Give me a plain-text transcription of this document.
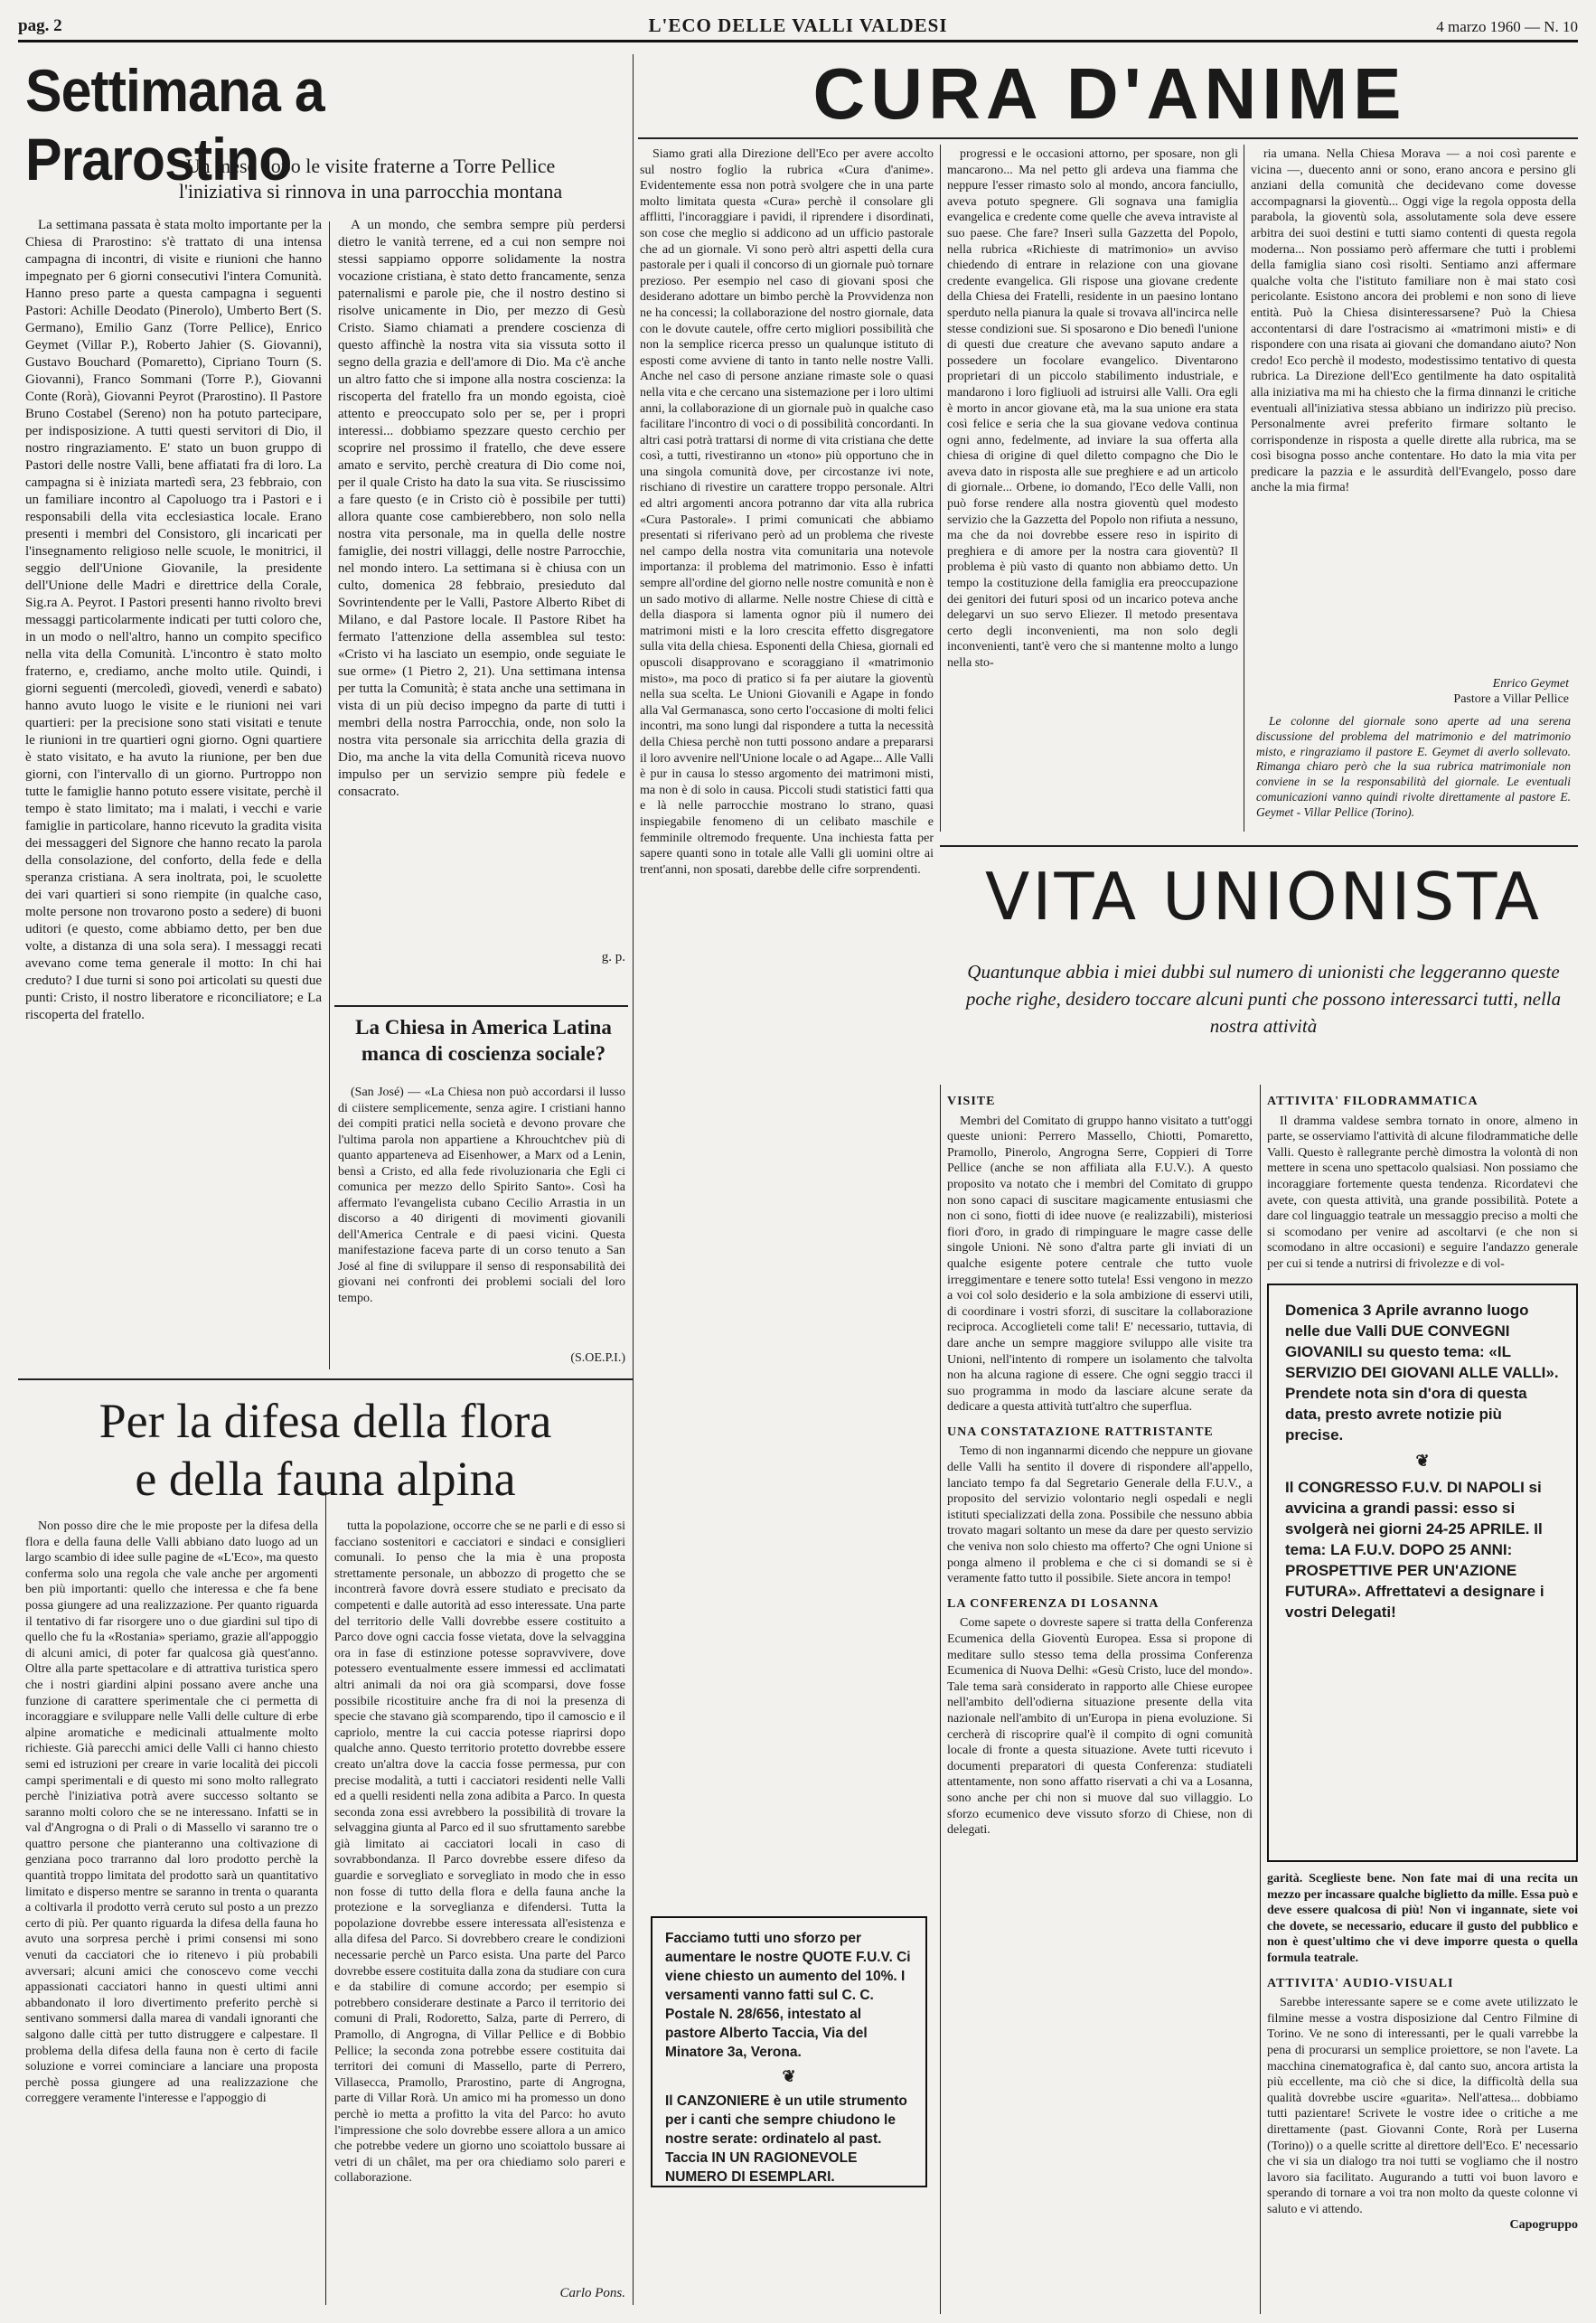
pag. 2	L'ECO DELLE VALLI VALDESI	4 marzo 1960 — N. 10
Settimana a Prarostino
Un mese dopo le visite fraterne a Torre Pellice
l'iniziativa si rinnova in una parrocchia montana

La settimana passata è stata molto importante per la Chiesa di Prarostino: s'è trattato di una intensa campagna di incontri, di visite e riunioni che hanno impegnato per 6 giorni consecutivi l'intera Comunità. Hanno preso parte a questa campagna i seguenti Pastori: Achille Deodato (Pinerolo), Umberto Bert (S. Germano), Emilio Ganz (Torre Pellice), Enrico Geymet (Villar P.), Roberto Jahier (S. Giovanni), Gustavo Bouchard (Pomaretto), Cipriano Tourn (S. Giovanni), Franco Sommani (Torre P.), Giovanni Conte (Rorà), Giovanni Peyrot (Prarostino). Il Pastore Bruno Costabel (Sereno) non ha potuto partecipare, per indisposizione. A tutti questi servitori di Dio, il nostro ringraziamento. E' stato un buon gruppo di Pastori delle nostre Valli, bene affiatati fra di loro. La campagna si è iniziata martedì sera, 23 febbraio, con un familiare incontro al Capoluogo tra i Pastori e i responsabili della vita ecclesiastica locale. Erano presenti i membri del Consistoro, gli incaricati per l'insegnamento religioso nelle scuole, le monitrici, il seggio dell'Unione Giovanile, la presidente dell'Unione delle Madri e direttrice della Corale, Sig.ra A. Peyrot. I Pastori presenti hanno rivolto brevi messaggi particolarmente indicati per tutti coloro che, in un modo o nell'altro, hanno un compito specifico nella vita della Comunità. L'incontro è stato molto fraterno, e, crediamo, anche molto utile. Quindi, i giorni seguenti (mercoledì, giovedì, venerdì e sabato) hanno avuto luogo le visite e le riunioni nei vari quartieri: per la precisione sono stati visitati e tenute le riunioni in tre quartieri ogni giorno. Ogni quartiere è stato visitato, e ha avuto la riunione, per ben due giorni, con l'intervallo di un giorno. Purtroppo non tutte le famiglie hanno potuto essere visitate, perchè il tempo è stato limitato; ma i malati, i vecchi e varie famiglie in particolare, hanno ricevuto la gradita visita dei messaggeri del Signore che hanno recato la parola della consolazione, del conforto, della fede e della speranza cristiana. A sera inoltrata, poi, le scuolette dei vari quartieri si sono riempite (in qualche caso, molte persone non trovarono posto a sedere) di buoni uditori (e questo, come abbiamo detto, per ben due volte, a distanza di una sola sera). I messaggi recati avevano come tema generale il motto: In chi hai creduto? I due turni si sono poi articolati su questi due punti: Cristo, il nostro liberatore e riconciliatore; e La riscoperta del fratello.

A un mondo, che sembra sempre più perdersi dietro le vanità terrene, ed a cui non sempre noi stessi sappiamo opporre solidamente la nostra vocazione cristiana, è stato detto francamente, senza paternalismi e parole pie, che il nostro destino si risolve unicamente in Dio, per mezzo di Gesù Cristo. Siamo chiamati a prendere coscienza di questo affinchè la nostra vita sia vissuta sotto il segno della grazia e dell'amore di Dio. Ma c'è anche un altro fatto che si impone alla nostra coscienza: la riscoperta del fratello fra un mondo egoista, cioè attento e preoccupato solo per se, per i propri interessi... dobbiamo spezzare questo cerchio per scoprire nel prossimo il fratello, che deve essere amato e servito, perchè creatura di Dio come noi, per il quale Cristo ha dato la sua vita. Se riuscissimo a fare questo (e in Cristo ciò è possibile per tutti) allora quante cose cambierebbero, non solo nella nostra vita personale, ma in quella delle nostre famiglie, dei nostri villaggi, delle nostre Parrocchie, nel mondo intero. La settimana si è chiusa con un culto, domenica 28 febbraio, presieduto dal Sovrintendente per le Valli, Pastore Alberto Ribet di Milano, e dal Pastore locale. Il Pastore Ribet ha fermato l'attenzione della assemblea sul testo: «Cristo vi ha lasciato un esempio, onde seguiate le sue orme» (1 Pietro 2, 21). Una settimana intensa per tutta la Comunità; è stata anche una settimana in vista di un più deciso impegno da parte di tutti i membri della nostra Parrocchia, onde, non solo la nostra vita personale sia arricchita della grazia di Dio, ma anche la vita della Comunità riceva nuovo impulso per un servizio sempre più fedele e consacrato.

g. p.
La Chiesa in America Latina manca di coscienza sociale?

(San José) — «La Chiesa non può accordarsi il lusso di ciistere semplicemente, senza agire. I cristiani hanno dei compiti pratici nella società e devono provare che l'ultima parola non appartiene a Khrouchtchev più di quanto apparteneva ad Eisenhower, a Marx od a Lenin, bensì a Cristo, ed alla fede rivoluzionaria che Egli ci comunica per mezzo dello Spirito Santo». Così ha affermato l'evangelista cubano Cecilio Arrastia in un discorso a 40 dirigenti di movimenti giovanili dell'America Centrale e di paesi vicini. Questa manifestazione faceva parte di un corso tenuto a San José al fine di sviluppare il senso di responsabilità dei giovani nei confronti dei problemi sociali del loro tempo.

(S.OE.P.I.)
Per la difesa della flora
e della fauna alpina

Non posso dire che le mie proposte per la difesa della flora e della fauna delle Valli abbiano dato luogo ad un largo scambio di idee sulle pagine de «L'Eco», ma questo conferma solo una regola che vale anche per argomenti ben più importanti: quello che interessa e che fa bene possa giungere ad una realizzazione. Per quanto riguarda il tentativo di far risorgere uno o due giardini sul tipo di quello che fu la «Rostania» speriamo, grazie all'appoggio di alcuni amici, di poter far qualcosa già quest'anno. Oltre alla parte spettacolare e di attrattiva turistica spero che i nostri giardini alpini possano avere anche una funzione di carattere sperimentale che ci permetta di incoraggiare e sviluppare nelle Valli delle culture di erbe alpine aromatiche e medicinali attualmente molto richieste. Già parecchi amici delle Valli ci hanno chiesto semi ed istruzioni per creare in varie località dei piccoli campi sperimentali e di questo mi sono molto rallegrato perchè l'iniziativa potrà avere successo soltanto se saranno molti coloro che se ne interessano. Infatti se in val d'Angrogna o di Prali o di Massello vi saranno tre o quattro persone che pianteranno una coltivazione di genziana poco trarranno dal loro prodotto perchè la quantità troppo limitata del prodotto sarà un quantitativo limitato e disperso mentre se saranno in trenta o quaranta a coltivarla il prodotto verrà ceruto sul posto a un prezzo certo di più. Per quanto riguarda la difesa della fauna ho avuto una sorpresa perchè i primi consensi mi sono venuti da cacciatori che io ritenevo i più probabili avversari; alcuni amici che conoscevo come vecchi appassionati cacciatori hanno in questi ultimi anni abbandonato il loro divertimento preferito perchè si sentivano sommersi dalla marea di vandali ignoranti che salgono dalle città per tutto distruggere e calpestare. Il problema della difesa della fauna non è certo di facile soluzione e vorrei cominciare a lanciare una proposta perchè possa giungere ad una realizzazione che correggere veramente l'interesse e l'appoggio di

tutta la popolazione, occorre che se ne parli e di esso si facciano sostenitori e cacciatori e sindaci e consiglieri comunali. Io penso che la mia è una proposta strettamente personale, un abbozzo di progetto che se incontrerà favore dovrà essere studiato e precisato da competenti e dalle autorità ad esso interessate. Una parte del territorio delle Valli dovrebbe essere costituito a Parco dove ogni caccia fosse vietata, dove la selvaggina ora in fase di estinzione potesse sopravvivere, dove potessero eventualmente essere immessi ed acclimatati altri animali da noi ora già scomparsi, dove fosse possibile ricostituire anche fra di noi la presenza di specie che stavano già scomparendo, tipo il camoscio e il capriolo, mentre la cui caccia potesse riaprirsi dopo qualche anno. Questo territorio protetto dovrebbe essere creato un'altra dove la caccia fosse permessa, pur con precise modalità, a tutti i cacciatori residenti nelle Valli ed a quelli residenti nella zona adibita a Parco. In questa seconda zona essi avrebbero la possibilità di trovare la selvaggina giunta al Parco ed il suo sfruttamento sarebbe già limitato ai cacciatori locali in caso di sovrabbondanza. Il Parco dovrebbe essere difeso da guardie e sorvegliato e sorvegliato in modo che in esso non fosse di tutto della flora e della fauna anche la protezione e la sorveglianza e difendersi. Tutta la popolazione dovrebbe essere interessata all'esistenza e alla difesa del Parco. Si dovrebbero creare le condizioni necessarie perchè un Parco esista. Una parte del Parco dovrebbe essere costituita dalla zona da studiare con cura e da stabilire di comune accordo; per esempio si potrebbero considerare destinate a Parco il territorio dei comuni di Prali, Rodoretto, Salza, parte di Perrero, di Pramollo, di Angrogna, di Villar Pellice e di Bobbio Pellice; la seconda zona potrebbe essere costituita dai territori dei comuni di Massello, parte di Perrero, Villasecca, Pramollo, Prarostino, parte di Angrogna, parte di Villar Rorà. Un amico mi ha promesso un dono perchè io metta a profitto la vita del Parco: ho avuto l'impressione che solo dovrebbe essere allora a un amico che potrebbe vedere un giorno uno scoiattolo bussare ai vetri di un châlet, ma per ora chiediamo solo pareri e collaborazione.

Carlo Pons.
CURA D'ANIME

Siamo grati alla Direzione dell'Eco per avere accolto sul nostro foglio la rubrica «Cura d'anime». Evidentemente essa non potrà svolgere che in una parte molto limitata questa «Cura» perchè il consolare gli afflitti, l'incoraggiare i pavidi, il riprendere i disordinati, son cose che meglio si addicono ad un ufficio pastorale che ad un giornale. Vi sono però altri aspetti della cura pastorale per i quali il concorso di un giornale può tornare prezioso. Per esempio nel caso di giovani sposi che desiderano adottare un bimbo perchè la Provvidenza non ne ha concessi; la collaborazione del nostro giornale, data con le dovute cautele, offre certo migliori possibilità che non la semplice ricerca presso un qualunque istituto di esposti come avviene di tanto in tanto nelle nostre Valli. Anche nel caso di persone anziane rimaste sole o quasi nella vita e che cercano una sistemazione per i loro ultimi anni, la collaborazione di un giornale può in qualche caso facilitare l'incontro di voci o di possibilità concordanti. In altri casi potrà trattarsi di norme di vita cristiana che dette così, a tutti, rivestiranno un «tono» più opportuno che in una singola comunità dove, per circostanze ivi note, rischiano di rivestire un carattere troppo personale. Altri ed altri argomenti ancora potranno dar vita alla rubrica «Cura Pastorale». I primi comunicati che abbiamo presentati si riferivano però ad un problema che riveste nel campo della nostra vita comunitaria una notevole importanza: il problema del matrimonio. Esso è infatti sempre all'ordine del giorno nelle nostre comunità e non è un sado motivo di allarme. Nelle nostre Chiese di città e della diaspora si lamenta ognor più il numero dei matrimoni misti e la loro crescita effetto disgregatore sulla vita della chiesa. Esponenti della Chiesa, giornali ed opuscoli disapprovano e scoraggiano il «matrimonio misto», ma poco di pratico si fa per aiutare la gioventù nella sua scelta. Le Unioni Giovanili e Agape in fondo alla Val Germanasca, sono certo l'occasione di molti felici incontri, ma sono lungi dal rispondere a tutta la necessità della Chiesa perchè non tutti possono andare a prepararsi il loro avvenire nell'Unione locale o ad Agape... Alle Valli è pur in causa lo stesso argomento dei matrimoni misti, ma non è di solo in causa. Piccoli studi statistici fatti qua e là nelle parrocchie mostrano lo strano, quasi inspiegabile fenomeno di un celibato maschile e femminile oltremodo frequente. Una inchiesta fatta per sapere quanti sono in totale alle Valli gli uomini oltre ai trent'anni, non sposati, darebbe delle cifre sorprendenti.

progressi e le occasioni attorno, per sposare, non gli mancarono... Ma nel petto gli ardeva una fiamma che neppure l'esser rimasto solo al mondo, ancora fanciullo, aveva potuto spegnere. Gli sognava una famiglia evangelica e credente come quelle che aveva intraviste al suo paese. Che fare? Inserì sulla Gazzetta del Popolo, nella rubrica «Richieste di matrimonio» un avviso chiedendo di entrare in relazione con una giovane credente evangelica. Gli rispose una giovane credente della Chiesa dei Fratelli, residente in un paesino lontano sperduto nella pianura la quale si trovava all'incirca nelle stesse condizioni sue. Si sposarono e Dio benedì l'unione di questi due creature che avevano saputo andare a possedere un focolare evangelico. Diventarono proprietari di un piccolo stabilimento industriale, e mandarono i loro figliuoli ad istruirsi alle Valli. Ora egli è morto in ancor giovane età, ma la sua unione era stata così felice e seria che la sua giovane vedova continua ogni anno, fedelmente, ad inviare la sua offerta alla chiesa di origine di quel diletto compagno che Dio le aveva dato in risposta alle sue preghiere e ad un articolo di giornale... Orbene, io domando, l'Eco delle Valli, non può forse rendere alla nostra gioventù quel modesto servizio che la Gazzetta del Popolo non rifiuta a nessuno, ma che da noi dovrebbe essere reso in ispirito di preghiera e di amore per la nostra cara gioventù? Il problema è più vasto di quanto non abbiamo detto. Un tempo la costituzione della famiglia era preoccupazione dei genitori dei futuri sposi od un incarico poteva anche delegarvi un suo servo Eliezer. Il metodo presentava certo degli inconvenienti, ma non solo degli inconvenienti, tant'è vero che si mantenne molto a lungo nella sto-

ria umana. Nella Chiesa Morava — a noi così parente e vicina —, duecento anni or sono, erano ancora e persino gli anziani della comunità che decidevano come dovesse accompagnarsi la gioventù... Oggi vige la regola opposta della parabola, la gioventù sola, assolutamente sola deve essere arbitra dei suoi destini e tutti siamo contenti di questa regola moderna... Non possiamo però affermare che tutti i problemi della famiglia siano così risolti. Sentiamo anzi affermare qualche volta che l'istituto familiare non è mai stato così pericolante. Esistono ancora dei problemi e non sono di lieve entità. Può la Chiesa disinteressarsene? Può la Chiesa accontentarsi di dare l'ostracismo ai «matrimoni misti» e di rispondere con una risata ai giovani che domandano aiuto? Non credo! Eco perchè il modesto, modestissimo tentativo di questa rubrica. La Direzione dell'Eco gentilmente ha dato ospitalità alla iniziativa ma mi ha chiesto che la firma dinnanzi le critiche eventuali all'iniziativa stessa abbiano un indirizzo più preciso. Personalmente avrei preferito firmare soltanto le corrispondenze in risposta a quelle dirette alla rubrica, ma se così bisogna posso anche contentare. Ho dato la mia vita per predicare la pazzia e le assurdità dell'Evangelo, posso dare anche la mia firma!

Enrico Geymet
Pastore a Villar Pellice

Le colonne del giornale sono aperte ad una serena discussione del problema del matrimonio e del matrimonio misto, e ringraziamo il pastore E. Geymet di averlo sollevato. Rimanga chiaro però che la sua rubrica matrimoniale non conviene in se la responsabilità del giornale. Le eventuali comunicazioni vanno quindi rivolte direttamente al pastore E. Geymet - Villar Pellice (Torino).

VITA UNIONISTA
Quantunque abbia i miei dubbi sul numero di unionisti che leggeranno queste poche righe, desidero toccare alcuni punti che possono interessarci tutti, nella nostra attività
VISITE

Membri del Comitato di gruppo hanno visitato a tutt'oggi queste unioni: Perrero Massello, Chiotti, Pomaretto, Pramollo, Pinerolo, Angrogna Serre, Coppieri di Torre Pellice (anche se non affiliata alla F.U.V.). A questo proposito va notato che i membri del Comitato di gruppo non sono capaci di suscitare magicamente entusiasmi che non ci sono, fiotti di idee nuove (e realizzabili), misteriosi fiori d'oro, in grado di rimpinguare le magre casse delle singole Unioni. Nè sono d'altra parte gli inviati di un qualche esigente potere centrale che tutto vuole irreggimentare e tenere sotto tutela! Essi vengono in mezzo a voi col solo desiderio e la sola ambizione di esservi utili, di coordinare i vostri sforzi, di suscitare la collaborazione reciproca. Accoglieteli come tali! E' necessario, tuttavia, di dare anche un sempre maggiore sviluppo alle visite tra Unioni, nell'intento di rompere un isolamento che talvolta non ha alcuna ragione di essere. Che ogni seggio tracci il suo programma in modo da lasciare alcune serate da dedicare a questa attività tutt'altro che superflua.

UNA CONSTATAZIONE RATTRISTANTE

Temo di non ingannarmi dicendo che neppure un giovane delle Valli ha sentito il dovere di rispondere all'appello, lanciato tempo fa dal Segretario Generale della F.U.V., a proposito del servizio volontario negli ospedali e negli istituti specializzati della zona. Possibile che nessuno abbia trovato magari soltanto un mese da dare per questo servizio che veniva non solo chiesto ma offerto? Che ogni Unione si ponga almeno il problema e che ci si domandi se si è veramente fatto tutto il possibile. Siete ancora in tempo!

LA CONFERENZA DI LOSANNA

Come sapete o dovreste sapere si tratta della Conferenza Ecumenica della Gioventù Europea. Essa si propone di meditare sullo stesso tema della prossima Conferenza Ecumenica di Nuova Delhi: «Gesù Cristo, luce del mondo». Tale tema sarà considerato in rapporto alle Chiese europee nell'ambito dell'odierna situazione presente della vita nazionale nell'ambito di un'Europa in piena evoluzione. Si cercherà di riscoprire qual'è il compito di ogni comunità locale di fronte a questa situazione. Avete tutti ricevuto i documenti preparatori di questa Conferenza: studiateli attentamente, non sono affatto riservati a chi va a Losanna, sono anche per chi non si muove dal suo villaggio. Lo sforzo ecumenico deve vissuto sforzo di Chiese, non di delegati.

ATTIVITA' FILODRAMMATICA

Il dramma valdese sembra tornato in onore, almeno in parte, se osserviamo l'attività di alcune filodrammatiche delle Valli. Questo è rallegrante perchè dimostra la volontà di non mettere in scena uno spettacolo qualsiasi. Non possiamo che incoraggiare fortemente questa tendenza. Ricordatevi che avete, con questa attività, una grande possibilità. Potete a dare col linguaggio teatrale un messaggio preciso a molti che si scomodano per venire ad ascoltarvi (e che non si scomodano in altre occasioni) e seguire l'andazzo generale per cui si tende a nutrirsi di frivolezze e di vol-

Domenica 3 Aprile avranno luogo nelle due Valli DUE CONVEGNI GIOVANILI su questo tema: «IL SERVIZIO DEI GIOVANI ALLE VALLI». Prendete nota sin d'ora di questa data, presto avrete notizie più precise.
❦
Il CONGRESSO F.U.V. DI NAPOLI si avvicina a grandi passi: esso si svolgerà nei giorni 24-25 APRILE. Il tema: LA F.U.V. DOPO 25 ANNI: PROSPETTIVE PER UN'AZIONE FUTURA». Affrettatevi a designare i vostri Delegati!

garità. Sceglieste bene. Non fate mai di una recita un mezzo per incassare qualche biglietto da mille. Essa può e deve essere qualcosa di più! Non vi ingannate, siete voi che dovete, se necessario, educare il gusto del pubblico e non è quest'ultimo che vi deve imporre questa o quella formula teatrale.

ATTIVITA' AUDIO-VISUALI

Sarebbe interessante sapere se e come avete utilizzato le filmine messe a vostra disposizione dal Centro Filmine di Torino. Ve ne sono di interessanti, per le quali varrebbe la pena di procurarsi un semplice proiettore, se non l'avete. La macchina cinematografica è, dal canto suo, ancora artista la più eccellente, ma ciò che si dice, la difficoltà della sua qualità dovrebbe uscire «guarita». Nell'attesa... dobbiamo tutti pazientare! Scrivete le vostre idee o critiche a me direttamente (past. Giovanni Conte, Rorà per Luserna (Torino)) o a quelle scritte al direttore dell'Eco. E' necessario che vi sia un dialogo tra noi tutti se vogliamo che il nostro lavoro sia facilitato. Augurando a tutti voi buon lavoro e sperando di tornare a voi tra non molto da queste colonne vi saluto e vi attendo.

Capogruppo
Facciamo tutti uno sforzo per aumentare le nostre QUOTE F.U.V. Ci viene chiesto un aumento del 10%. I versamenti vanno fatti sul C. C. Postale N. 28/656, intestato al pastore Alberto Taccia, Via del Minatore 3a, Verona.
❦
Il CANZONIERE è un utile strumento per i canti che sempre chiudono le nostre serate: ordinatelo al past. Taccia IN UN RAGIONEVOLE NUMERO DI ESEMPLARI.
